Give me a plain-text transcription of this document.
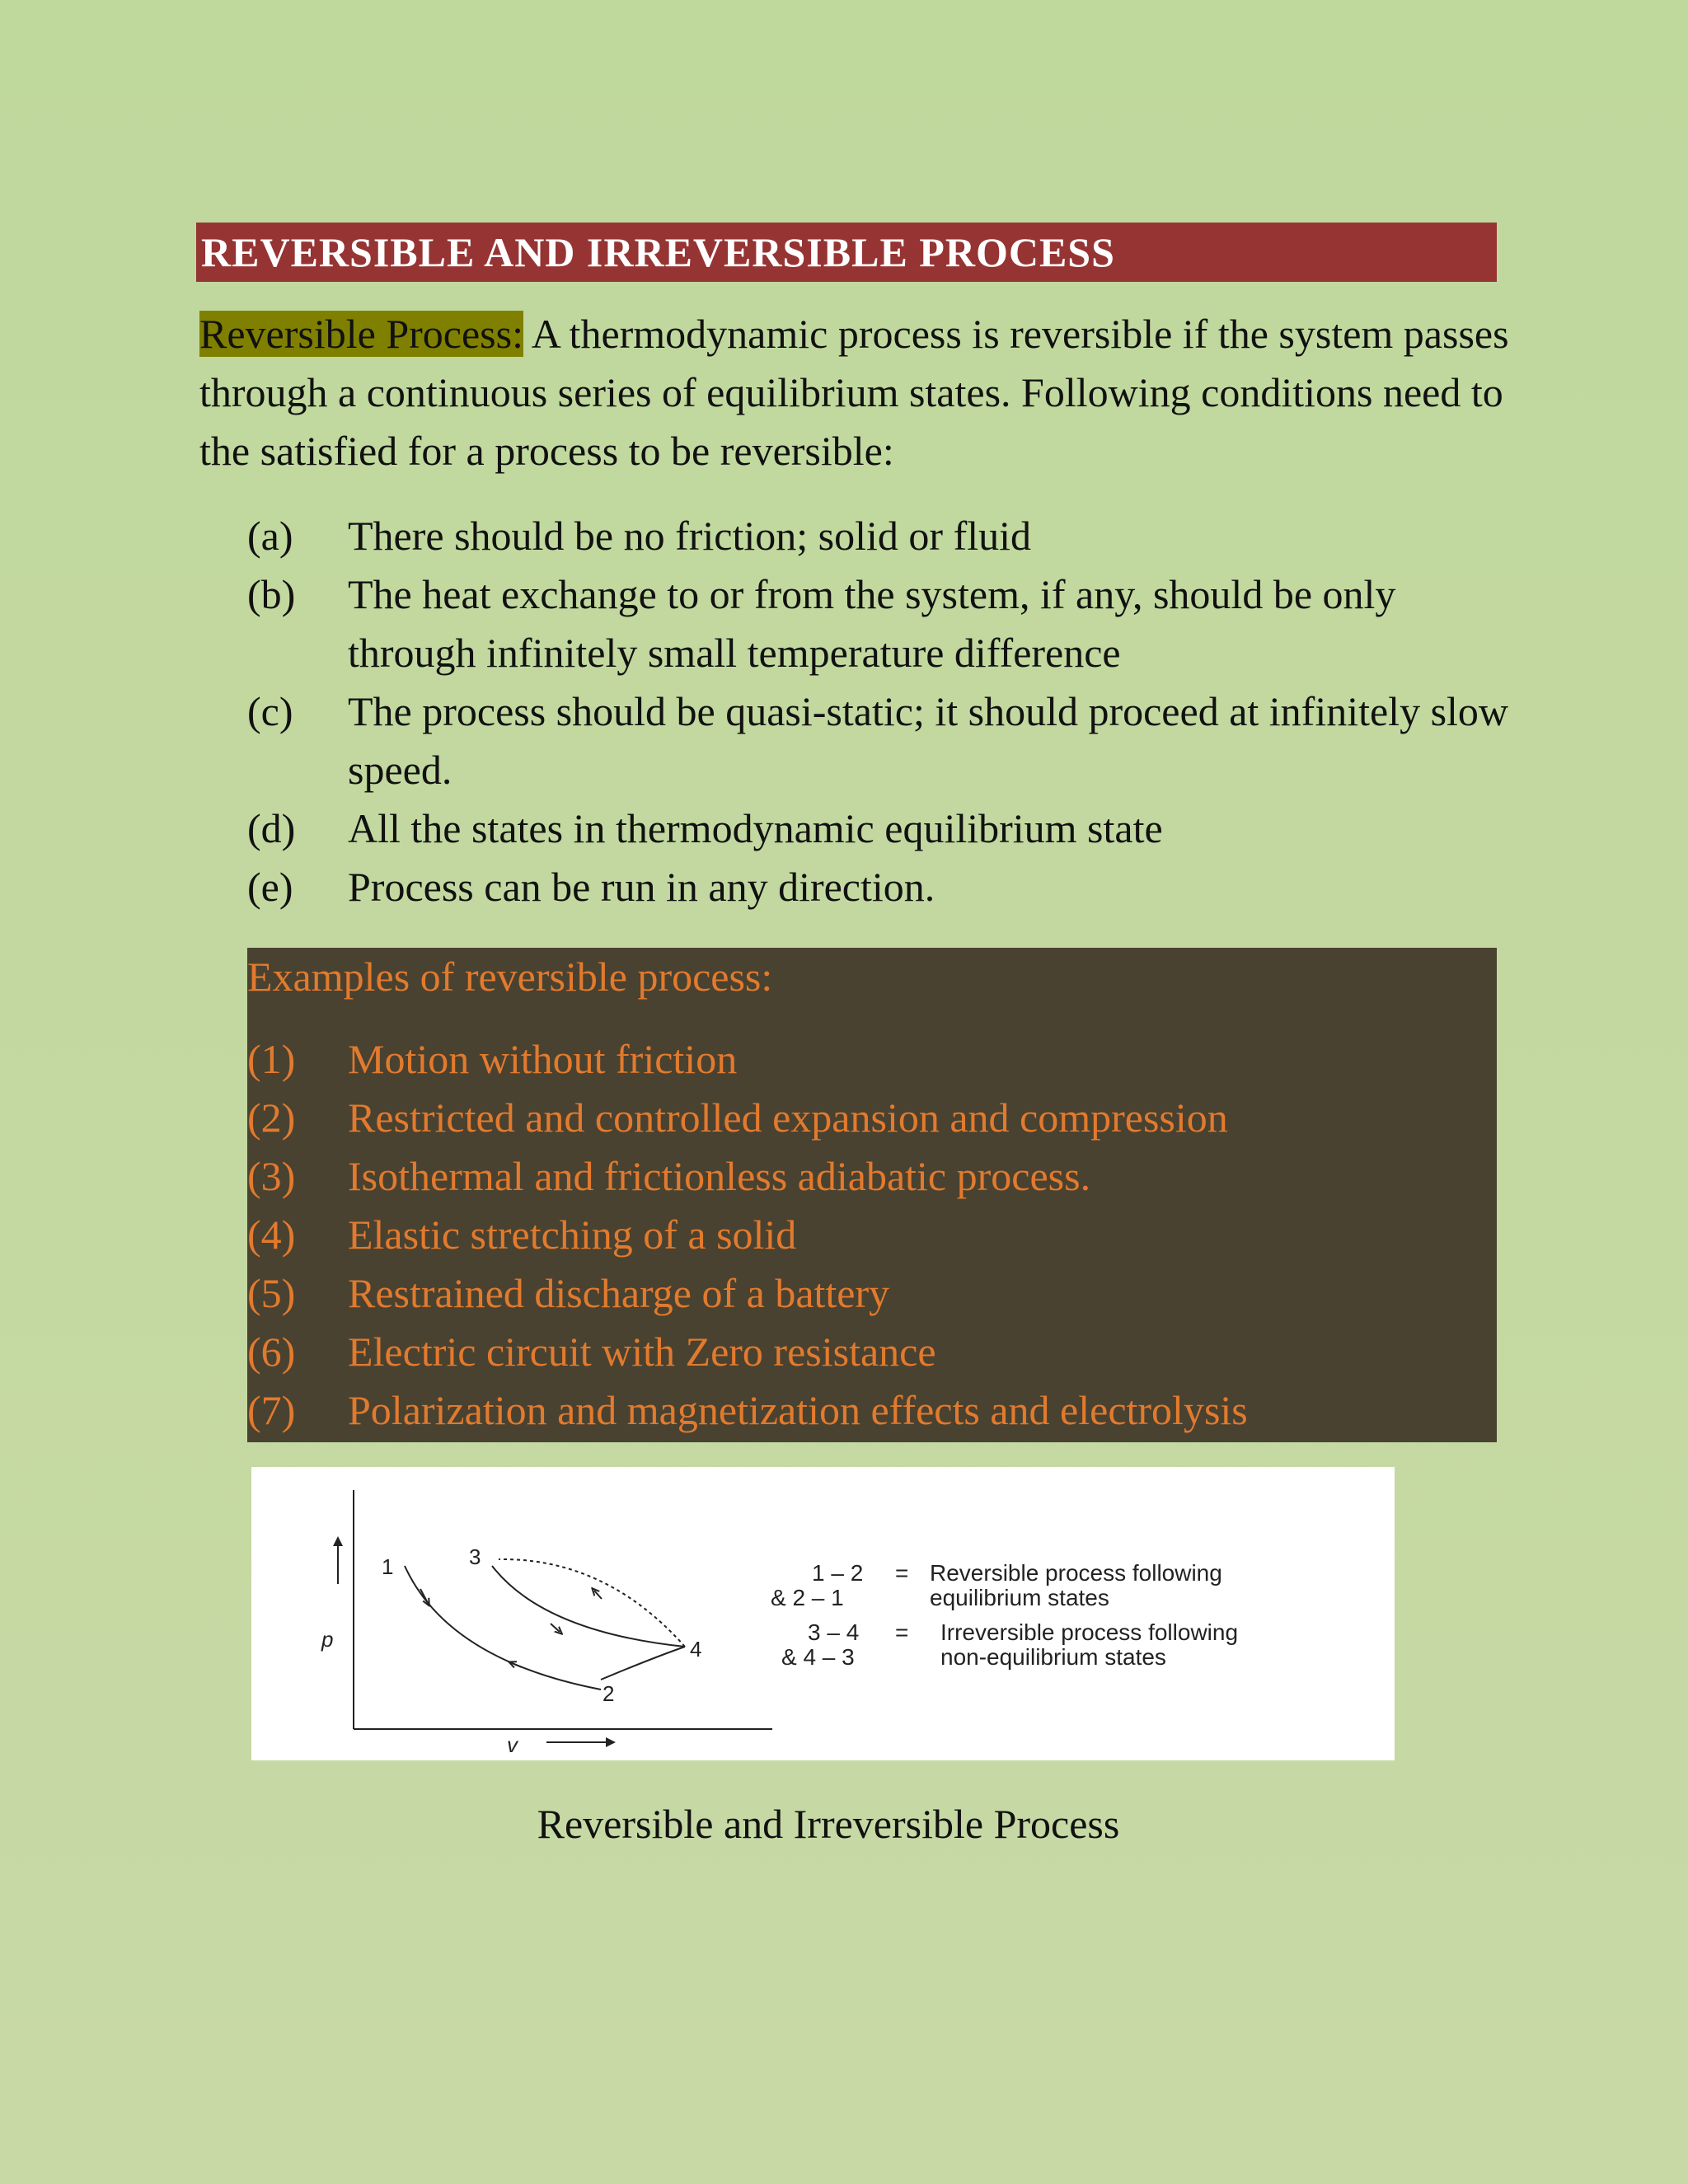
REVERSIBLE AND IRREVERSIBLE PROCESS
Reversible Process: A thermodynamic process is reversible if the system passes through a continuous series of equilibrium states. Following conditions need to the satisfied for a process to be reversible:
(a) There should be no friction; solid or fluid
(b) The heat exchange to or from the system, if any, should be only through infinitely small temperature difference
(c) The process should be quasi-static; it should proceed at infinitely slow speed.
(d) All the states in thermodynamic equilibrium state
(e) Process can be run in any direction.
Examples of reversible process:
(1) Motion without friction
(2) Restricted and controlled expansion and compression
(3) Isothermal and frictionless adiabatic process.
(4) Elastic stretching of a solid
(5) Restrained discharge of a battery
(6) Electric circuit with Zero resistance
(7) Polarization and magnetization effects and electrolysis
p
v
1
2
3
4
1 – 2
& 2 – 1
= Reversible process following
equilibrium states
3 – 4
& 4 – 3
= Irreversible process following
non-equilibrium states
Reversible and Irreversible Process
